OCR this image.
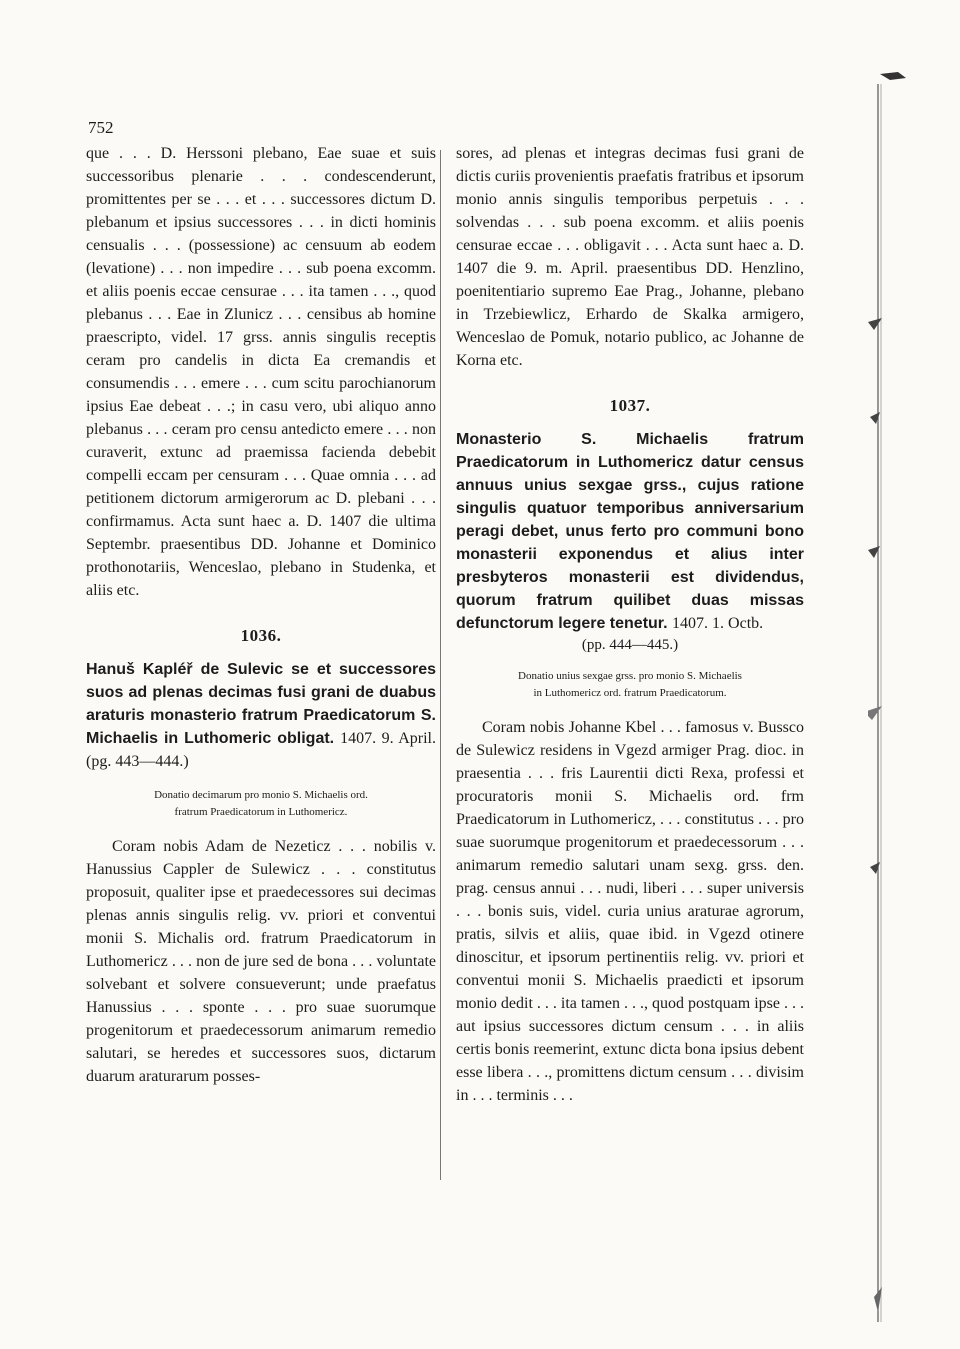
752

que . . . D. Herssoni plebano, Eae suae et suis successoribus plenarie . . . condescenderunt, promittentes per se . . . et . . . successores dictum D. plebanum et ipsius successores . . . in dicti hominis censualis . . . (possessione) ac censuum ab eodem (levatione) . . . non impedire . . . sub poena excomm. et aliis poenis eccae censurae . . . ita tamen . . ., quod plebanus . . . Eae in Zlunicz . . . censibus ab homine praescripto, videl. 17 grss. annis singulis receptis ceram pro candelis in dicta Ea cremandis et consumendis . . . emere . . . cum scitu parochianorum ipsius Eae debeat . . .; in casu vero, ubi aliquo anno plebanus . . . ceram pro censu antedicto emere . . . non curaverit, extunc ad praemissa facienda debebit compelli eccam per censuram . . . Quae omnia . . . ad petitionem dictorum armigerorum ac D. plebani . . . confirmamus. Acta sunt haec a. D. 1407 die ultima Septembr. praesentibus DD. Johanne et Dominico prothonotariis, Wenceslao, plebano in Studenka, et aliis etc.

1036.

Hanuš Kapléř de Sulevic se et successores suos ad plenas decimas fusi grani de duabus araturis monasterio fratrum Praedicatorum S. Michaelis in Luthomeric obligat. 1407. 9. April. (pg. 443—444.)

Donatio decimarum pro monio S. Michaelis ord.
fratrum Praedicatorum in Luthomericz.

Coram nobis Adam de Nezeticz . . . nobilis v. Hanussius Cappler de Sulewicz . . . constitutus proposuit, qualiter ipse et praedecessores sui decimas plenas annis singulis relig. vv. priori et conventui monii S. Michalis ord. fratrum Praedicatorum in Luthomericz . . . non de jure sed de bona . . . voluntate solvebant et solvere consueverunt; unde praefatus Hanussius . . . sponte . . . pro suae suorumque progenitorum et praedecessorum animarum remedio salutari, se heredes et successores suos, dictarum duarum araturarum posses-

sores, ad plenas et integras decimas fusi grani de dictis curiis provenientis praefatis fratribus et ipsorum monio annis singulis temporibus perpetuis . . . solvendas . . . sub poena excomm. et aliis poenis censurae eccae . . . obligavit . . . Acta sunt haec a. D. 1407 die 9. m. April. praesentibus DD. Henzlino, poenitentiario supremo Eae Prag., Johanne, plebano in Trzebiewlicz, Erhardo de Skalka armigero, Wenceslao de Pomuk, notario publico, ac Johanne de Korna etc.

1037.

Monasterio S. Michaelis fratrum Praedicatorum in Luthomericz datur census annuus unius sexgae grss., cujus ratione singulis quatuor temporibus anniversarium peragi debet, unus ferto pro communi bono monasterii exponendus et alius inter presbyteros monasterii est dividendus, quorum fratrum quilibet duas missas defunctorum legere tenetur. 1407. 1. Octb.

(pp. 444—445.)
Donatio unius sexgae grss. pro monio S. Michaelis
in Luthomericz ord. fratrum Praedicatorum.

Coram nobis Johanne Kbel . . . famosus v. Bussco de Sulewicz residens in Vgezd armiger Prag. dioc. in praesentia . . . fris Laurentii dicti Rexa, professi et procuratoris monii S. Michaelis ord. frm Praedicatorum in Luthomericz, . . . constitutus . . . pro suae suorumque progenitorum et praedecessorum . . . animarum remedio salutari unam sexg. grss. den. prag. census annui . . . nudi, liberi . . . super universis . . . bonis suis, videl. curia unius araturae agrorum, pratis, silvis et aliis, quae ibid. in Vgezd otinere dinoscitur, et ipsorum pertinentiis relig. vv. priori et conventui monii S. Michaelis praedicti et ipsorum monio dedit . . . ita tamen . . ., quod postquam ipse . . . aut ipsius successores dictum censum . . . in aliis certis bonis reemerint, extunc dicta bona ipsius debent esse libera . . ., promittens dictum censum . . . divisim in . . . terminis . . .
